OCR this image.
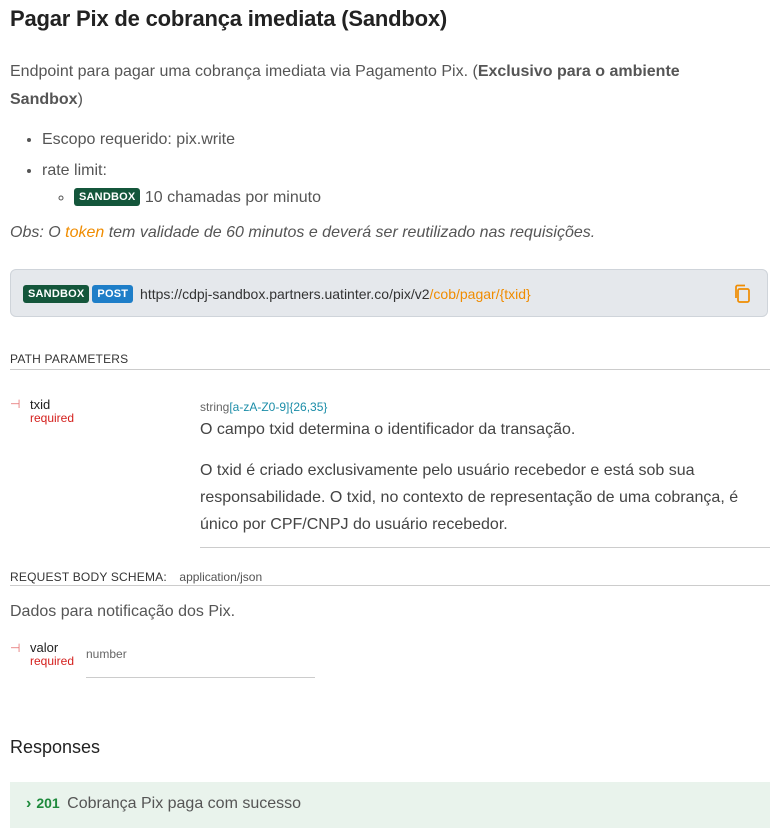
Pagar Pix de cobrança imediata (Sandbox)
Endpoint para pagar uma cobrança imediata via Pagamento Pix. (Exclusivo para o ambiente Sandbox)
• Escopo requerido: pix.write
• rate limit:
◦ SANDBOX 10 chamadas por minuto
Obs: O token tem validade de 60 minutos e deverá ser reutilizado nas requisições.
SANDBOX POST https://cdpj-sandbox.partners.uatinter.co/pix/v2/cob/pagar/{txid}
PATH PARAMETERS
⊣ txid
required
string[a-zA-Z0-9]{26,35}
O campo txid determina o identificador da transação.
O txid é criado exclusivamente pelo usuário recebedor e está sob sua responsabilidade. O txid, no contexto de representação de uma cobrança, é único por CPF/CNPJ do usuário recebedor.
REQUEST BODY SCHEMA: application/json
Dados para notificação dos Pix.
⊣ valor
required number
Responses
› 201 Cobrança Pix paga com sucesso
